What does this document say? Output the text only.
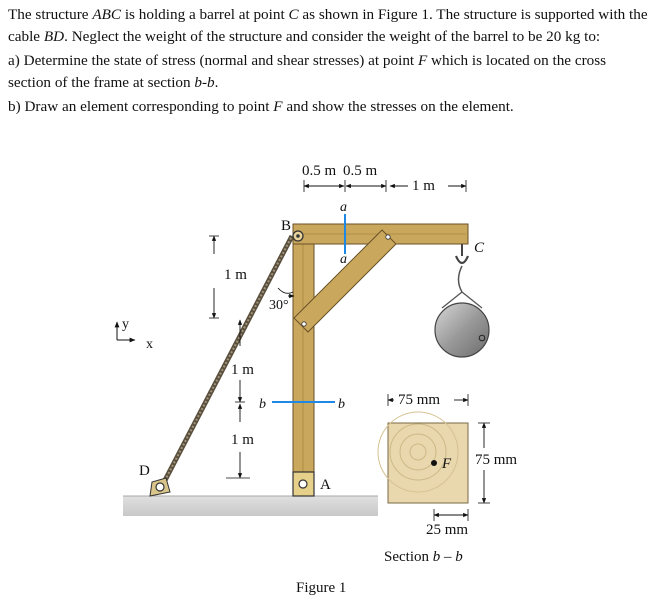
The structure ABC is holding a barrel at point C as shown in Figure 1. The structure is supported with the cable BD. Neglect the weight of the structure and consider the weight of the barrel to be 20 kg to:

a) Determine the state of stress (normal and shear stresses) at point F which is located on the cross section of the frame at section b-b.

b) Draw an element corresponding to point F and show the stresses on the element.

a
a
b	b
0.5 m 0.5 m
1 m
1 m
1 m
1 m
30°
B
C
D
A
y
x
F
75 mm
75 mm
25 mm
Section b – b
Figure 1
